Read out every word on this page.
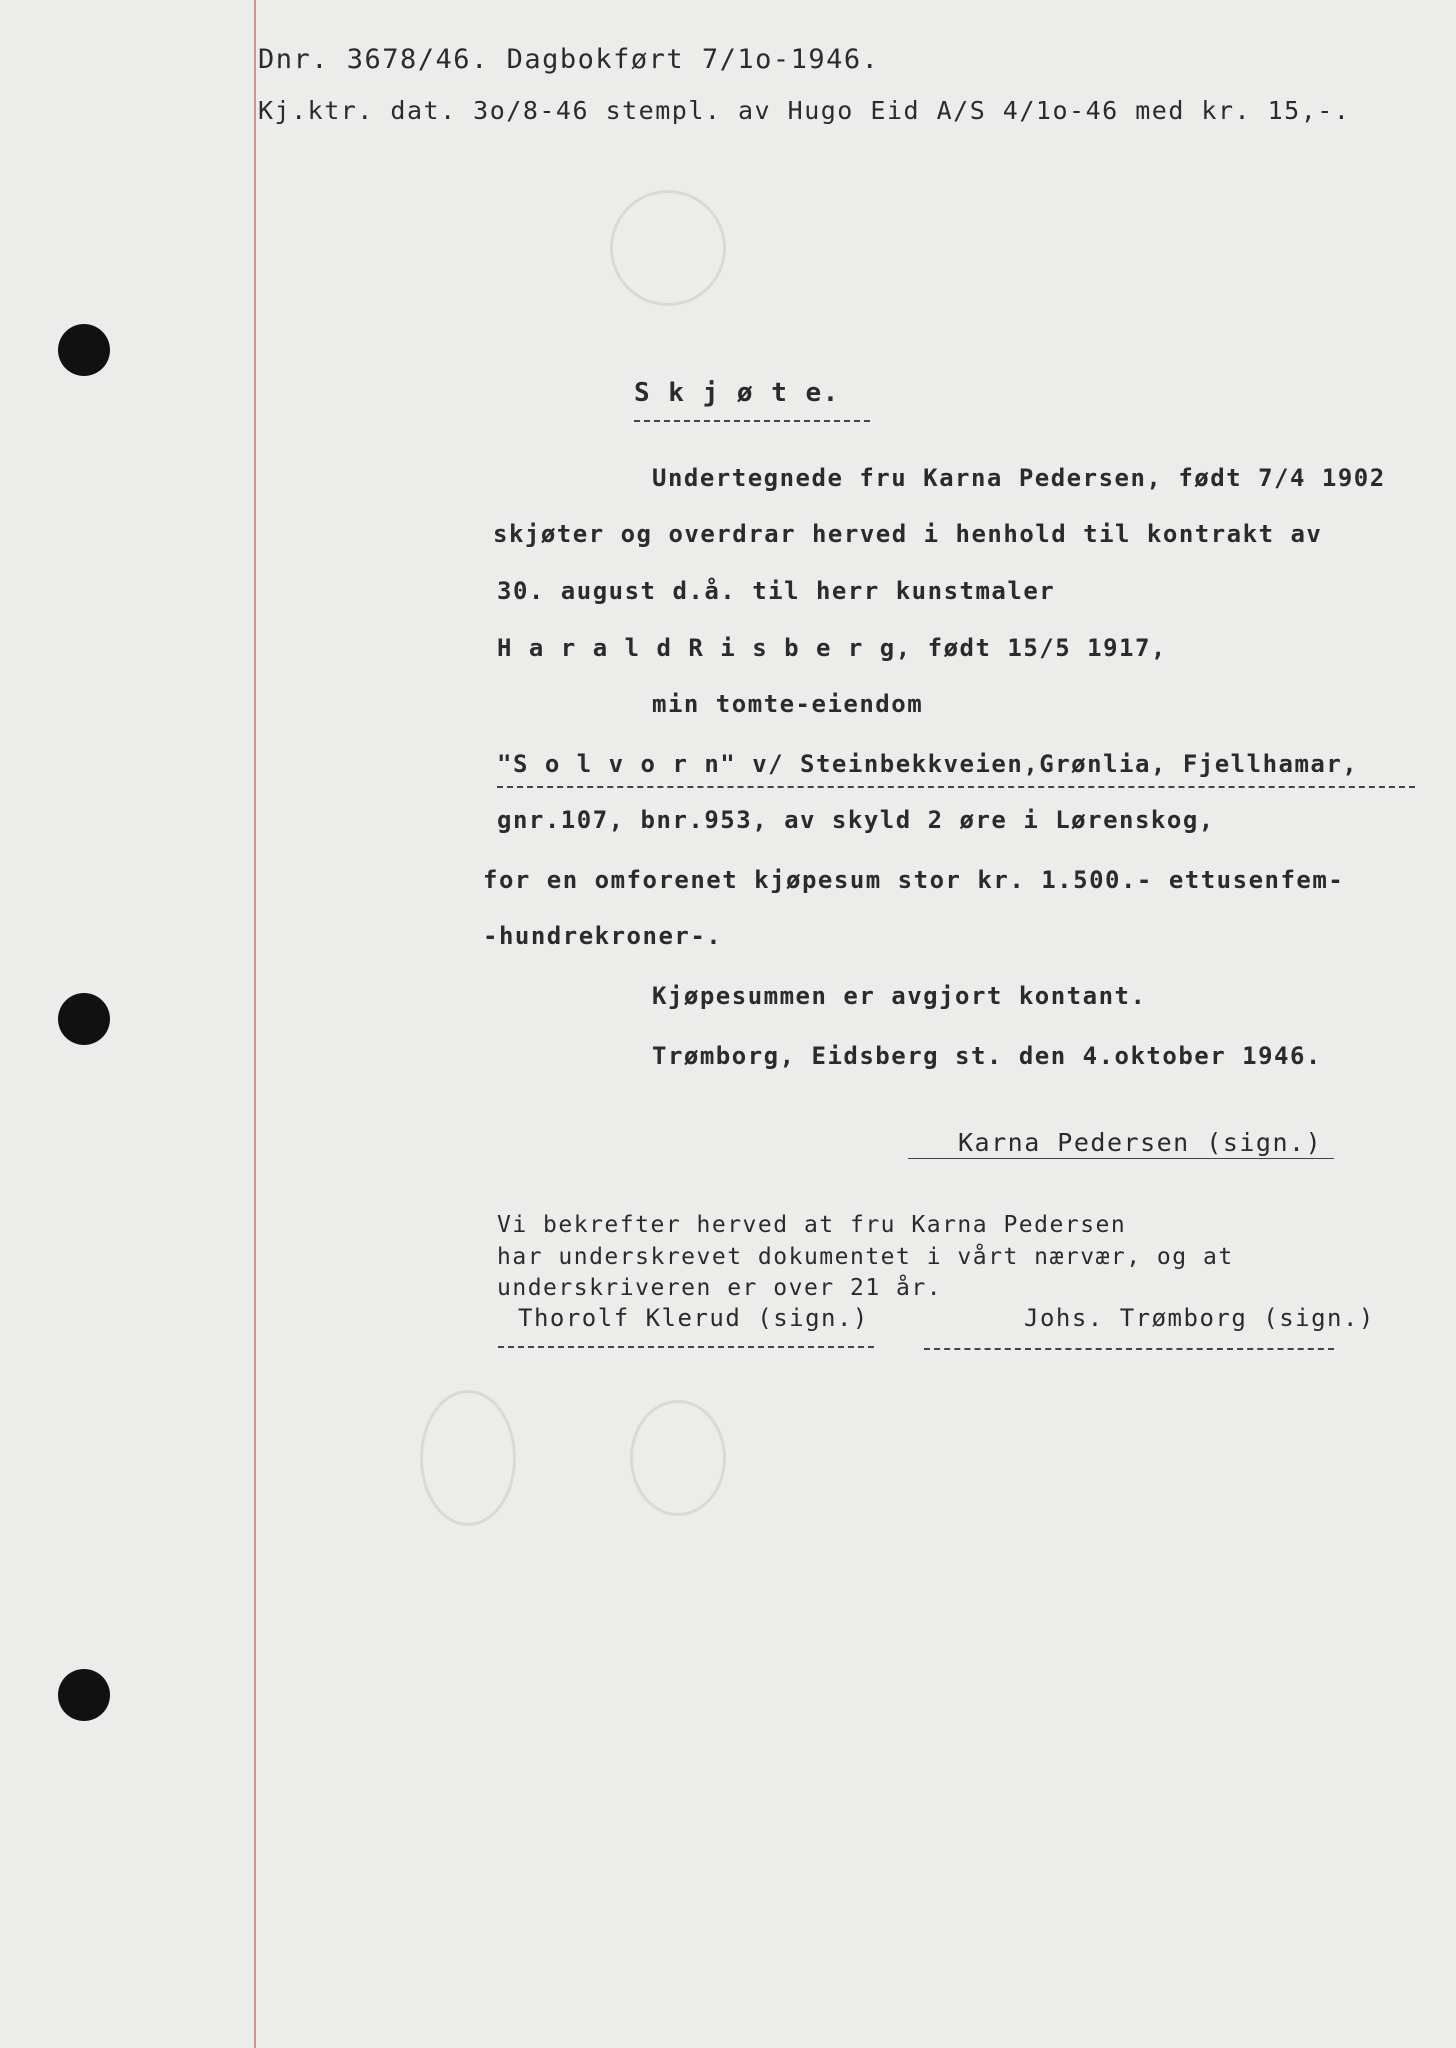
Dnr. 3678/46. Dagbokført 7/1o-1946.
Kj.ktr. dat. 3o/8-46 stempl. av Hugo Eid A/S 4/1o-46 med kr. 15,-.
S k j ø t e.
Undertegnede fru Karna Pedersen, født 7/4 1902
skjøter og overdrar herved i henhold til kontrakt av
30. august d.å. til herr kunstmaler
H a r a l d R i s b e r g, født 15/5 1917,
min tomte-eiendom
"S o l v o r n" v/ Steinbekkveien,Grønlia, Fjellhamar,
gnr.107, bnr.953, av skyld 2 øre i Lørenskog,
for en omforenet kjøpesum stor kr. 1.500.- ettusenfem-
-hundrekroner-.
Kjøpesummen er avgjort kontant.
Trømborg, Eidsberg st. den 4.oktober 1946.
Karna Pedersen (sign.)
Vi bekrefter herved at fru Karna Pedersen
har underskrevet dokumentet i vårt nærvær, og at
underskriveren er over 21 år.
Thorolf Klerud (sign.)	Johs. Trømborg (sign.)
